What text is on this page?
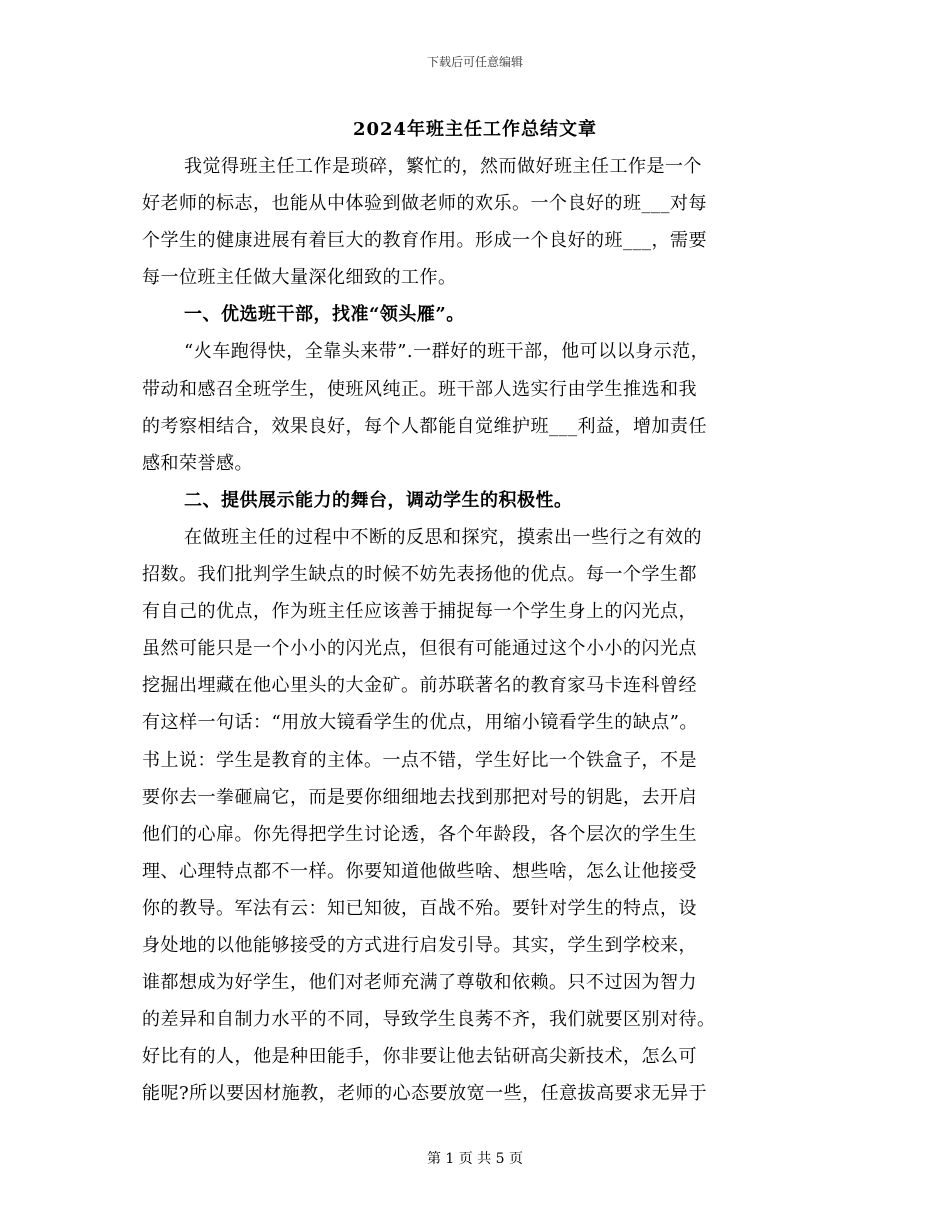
下载后可任意编辑
2024年班主任工作总结文章
我觉得班主任工作是琐碎，繁忙的，然而做好班主任工作是一个
好老师的标志，也能从中体验到做老师的欢乐。一个良好的班___对每
个学生的健康进展有着巨大的教育作用。形成一个良好的班___，需要
每一位班主任做大量深化细致的工作。
一、优选班干部，找准“领头雁”。
“火车跑得快，全靠头来带”.一群好的班干部，他可以以身示范，
带动和感召全班学生，使班风纯正。班干部人选实行由学生推选和我
的考察相结合，效果良好，每个人都能自觉维护班___利益，增加责任
感和荣誉感。
二、提供展示能力的舞台，调动学生的积极性。
在做班主任的过程中不断的反思和探究，摸索出一些行之有效的
招数。我们批判学生缺点的时候不妨先表扬他的优点。每一个学生都
有自己的优点，作为班主任应该善于捕捉每一个学生身上的闪光点，
虽然可能只是一个小小的闪光点，但很有可能通过这个小小的闪光点
挖掘出埋藏在他心里头的大金矿。前苏联著名的教育家马卡连科曾经
有这样一句话：“用放大镜看学生的优点，用缩小镜看学生的缺点”。
书上说：学生是教育的主体。一点不错，学生好比一个铁盒子，不是
要你去一拳砸扁它，而是要你细细地去找到那把对号的钥匙，去开启
他们的心扉。你先得把学生讨论透，各个年龄段，各个层次的学生生
理、心理特点都不一样。你要知道他做些啥、想些啥，怎么让他接受
你的教导。军法有云：知已知彼，百战不殆。要针对学生的特点，设
身处地的以他能够接受的方式进行启发引导。其实，学生到学校来，
谁都想成为好学生，他们对老师充满了尊敬和依赖。只不过因为智力
的差异和自制力水平的不同，导致学生良莠不齐，我们就要区别对待。
好比有的人，他是种田能手，你非要让他去钻研高尖新技术，怎么可
能呢?所以要因材施教，老师的心态要放宽一些，任意拔高要求无异于
第 1 页 共 5 页
